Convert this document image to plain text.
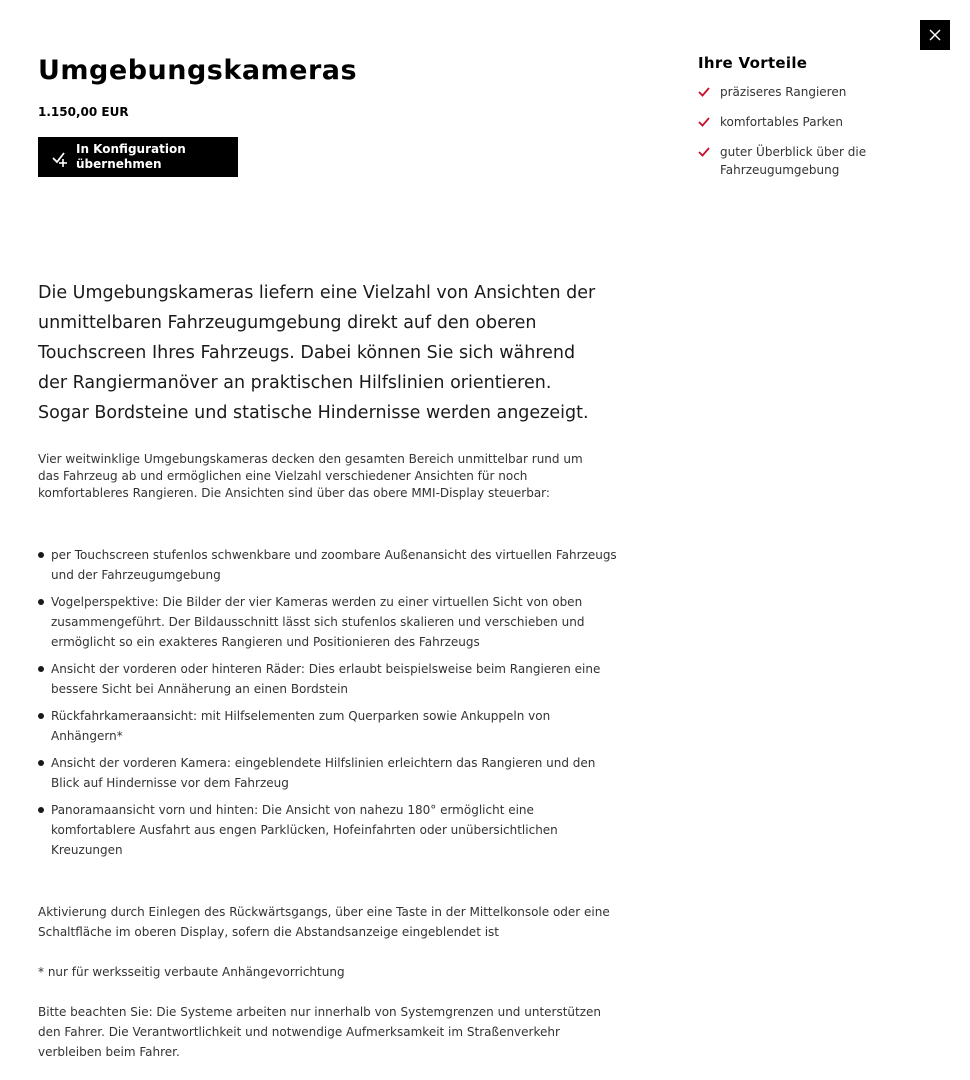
Umgebungskameras
1.150,00 EUR
In Konfiguration
übernehmen
Ihre Vorteile
präziseres Rangieren
komfortables Parken
guter Überblick über die
Fahrzeugumgebung
Die Umgebungskameras liefern eine Vielzahl von Ansichten der
unmittelbaren Fahrzeugumgebung direkt auf den oberen
Touchscreen Ihres Fahrzeugs. Dabei können Sie sich während
der Rangiermanöver an praktischen Hilfslinien orientieren.
Sogar Bordsteine und statische Hindernisse werden angezeigt.
Vier weitwinklige Umgebungskameras decken den gesamten Bereich unmittelbar rund um
das Fahrzeug ab und ermöglichen eine Vielzahl verschiedener Ansichten für noch
komfortableres Rangieren. Die Ansichten sind über das obere MMI-Display steuerbar:
per Touchscreen stufenlos schwenkbare und zoombare Außenansicht des virtuellen Fahrzeugs
und der Fahrzeugumgebung
Vogelperspektive: Die Bilder der vier Kameras werden zu einer virtuellen Sicht von oben
zusammengeführt. Der Bildausschnitt lässt sich stufenlos skalieren und verschieben und
ermöglicht so ein exakteres Rangieren und Positionieren des Fahrzeugs
Ansicht der vorderen oder hinteren Räder: Dies erlaubt beispielsweise beim Rangieren eine
bessere Sicht bei Annäherung an einen Bordstein
Rückfahrkameraansicht: mit Hilfselementen zum Querparken sowie Ankuppeln von
Anhängern*
Ansicht der vorderen Kamera: eingeblendete Hilfslinien erleichtern das Rangieren und den
Blick auf Hindernisse vor dem Fahrzeug
Panoramaansicht vorn und hinten: Die Ansicht von nahezu 180° ermöglicht eine
komfortablere Ausfahrt aus engen Parklücken, Hofeinfahrten oder unübersichtlichen
Kreuzungen
Aktivierung durch Einlegen des Rückwärtsgangs, über eine Taste in der Mittelkonsole oder eine
Schaltfläche im oberen Display, sofern die Abstandsanzeige eingeblendet ist
* nur für werksseitig verbaute Anhängevorrichtung
Bitte beachten Sie: Die Systeme arbeiten nur innerhalb von Systemgrenzen und unterstützen
den Fahrer. Die Verantwortlichkeit und notwendige Aufmerksamkeit im Straßenverkehr
verbleiben beim Fahrer.
